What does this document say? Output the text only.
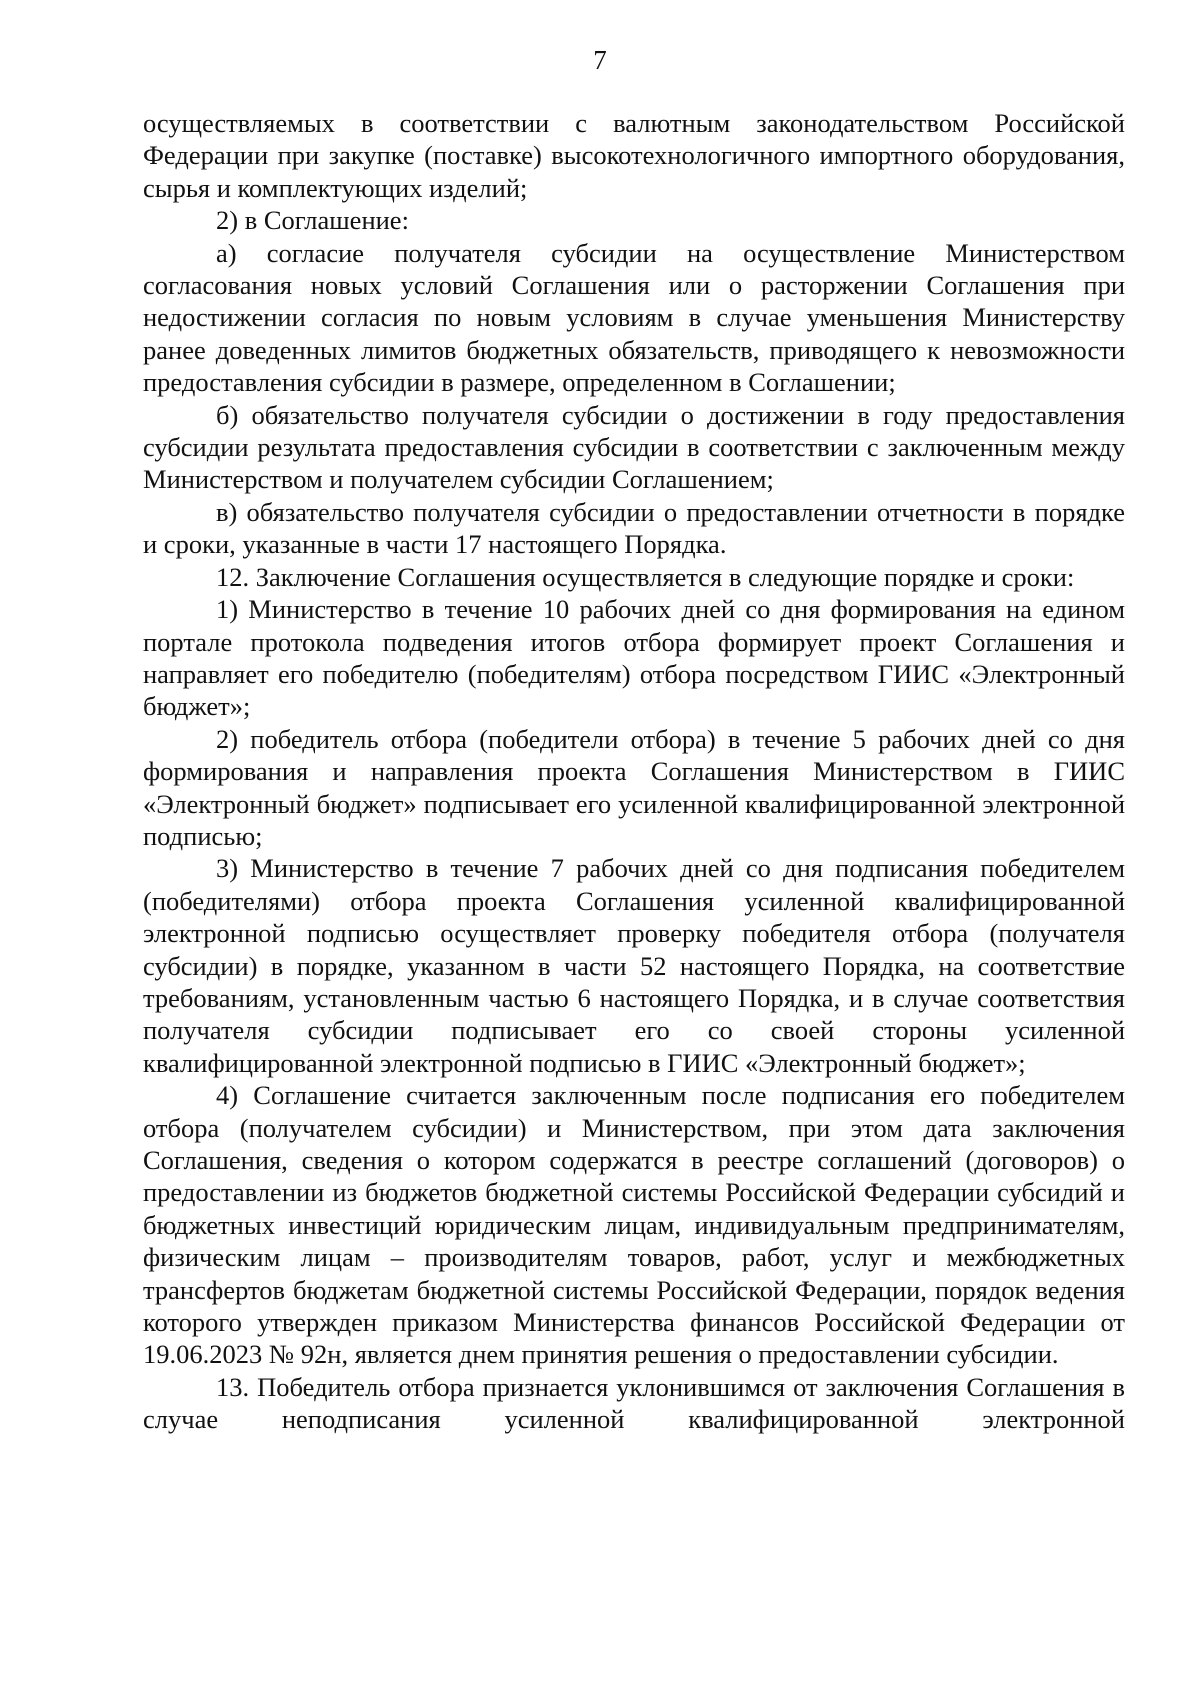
7

осуществляемых в соответствии с валютным законодательством Российской Федерации при закупке (поставке) высокотехнологичного импортного оборудования, сырья и комплектующих изделий;

2) в Соглашение:

а) согласие получателя субсидии на осуществление Министерством согласования новых условий Соглашения или о расторжении Соглашения при недостижении согласия по новым условиям в случае уменьшения Министерству ранее доведенных лимитов бюджетных обязательств, приводящего к невозможности предоставления субсидии в размере, определенном в Соглашении;

б) обязательство получателя субсидии о достижении в году предоставления субсидии результата предоставления субсидии в соответствии с заключенным между Министерством и получателем субсидии Соглашением;

в) обязательство получателя субсидии о предоставлении отчетности в порядке и сроки, указанные в части 17 настоящего Порядка.

12. Заключение Соглашения осуществляется в следующие порядке и сроки:

1) Министерство в течение 10 рабочих дней со дня формирования на едином портале протокола подведения итогов отбора формирует проект Соглашения и направляет его победителю (победителям) отбора посредством ГИИС «Электронный бюджет»;

2) победитель отбора (победители отбора) в течение 5 рабочих дней со дня формирования и направления проекта Соглашения Министерством в ГИИС «Электронный бюджет» подписывает его усиленной квалифицированной электронной подписью;

3) Министерство в течение 7 рабочих дней со дня подписания победителем (победителями) отбора проекта Соглашения усиленной квалифицированной электронной подписью осуществляет проверку победителя отбора (получателя субсидии) в порядке, указанном в части 52 настоящего Порядка, на соответствие требованиям, установленным частью 6 настоящего Порядка, и в случае соответствия получателя субсидии подписывает его со своей стороны усиленной квалифицированной электронной подписью в ГИИС «Электронный бюджет»;

4) Соглашение считается заключенным после подписания его победителем отбора (получателем субсидии) и Министерством, при этом дата заключения Соглашения, сведения о котором содержатся в реестре соглашений (договоров) о предоставлении из бюджетов бюджетной системы Российской Федерации субсидий и бюджетных инвестиций юридическим лицам, индивидуальным предпринимателям, физическим лицам – производителям товаров, работ, услуг и межбюджетных трансфертов бюджетам бюджетной системы Российской Федерации, порядок ведения которого утвержден приказом Министерства финансов Российской Федерации от 19.06.2023 № 92н, является днем принятия решения о предоставлении субсидии.

13. Победитель отбора признается уклонившимся от заключения Соглашения в случае неподписания усиленной квалифицированной электронной
